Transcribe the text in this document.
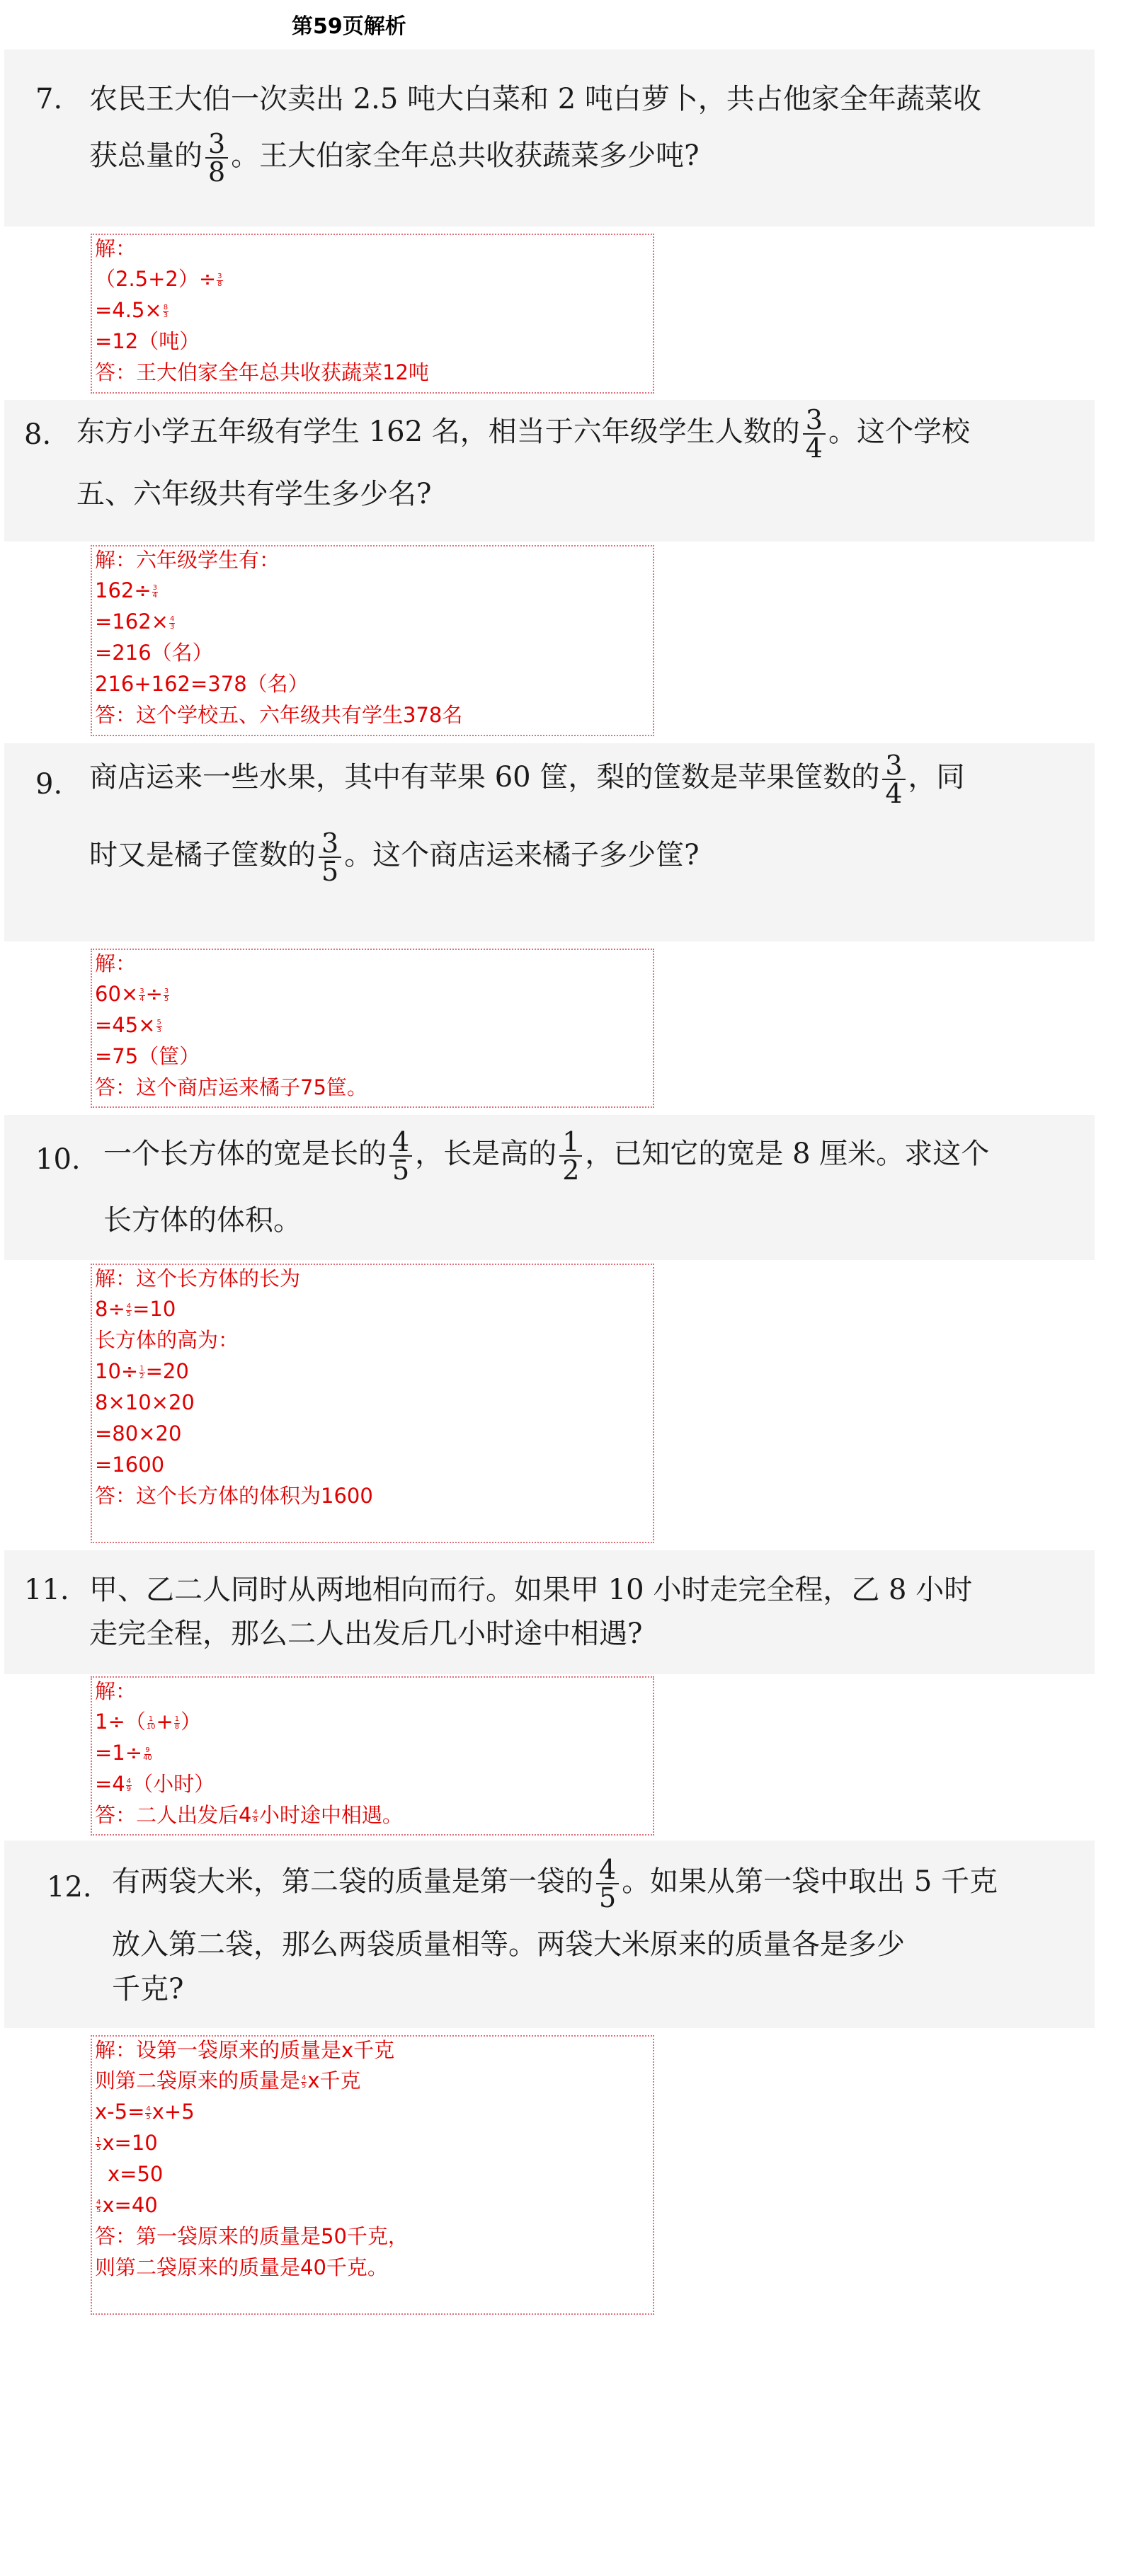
第59页解析
7. 农民王大伯一次卖出 2.5 吨大白菜和 2 吨白萝卜，共占他家全年蔬菜收
获总量的 $\frac{3}{8}$ 。王大伯家全年总共收获蔬菜多少吨?
解：
$(2.5+2)\div \frac{3}{8}$
$=4.5\times \frac{8}{3}$
=12（吨）
答：王大伯家全年总共收获蔬菜12吨
8. 东方小学五年级有学生 162 名，相当于六年级学生人数的 $\frac{3}{4}$ 。这个学校
五、六年级共有学生多少名?
解：六年级学生有：
$162\div \frac{3}{4}$
$=162\times \frac{4}{3}$
=216（名）
216+162=378（名）
答：这个学校五、六年级共有学生378名
9. 商店运来一些水果，其中有苹果 60 筐，梨的筐数是苹果筐数的 $\frac{3}{4}$ ，同
时又是橘子筐数的 $\frac{3}{5}$ 。这个商店运来橘子多少筐?
解：
$60\times \frac{3}{4} \div \frac{3}{5}$
$=45\times \frac{5}{3}$
=75（筐）
答：这个商店运来橘子75筐。
10. 一个长方体的宽是长的 $\frac{4}{5}$ ，长是高的 $\frac{1}{2}$ ，已知它的宽是 8 厘米。求这个
长方体的体积。
解：这个长方体的长为
$8\div \frac{4}{5} =10$
长方体的高为：
$10\div \frac{1}{2} =20$
8×10×20
=80×20
=1600
答：这个长方体的体积为1600
11. 甲、乙二人同时从两地相向而行。如果甲 10 小时走完全程，乙 8 小时
走完全程，那么二人出发后几小时途中相遇?
解：
$1\div( \frac{1}{10} + \frac{1}{8}$ ）
$=1\div \frac{9}{40}$
$=4 \frac{4}{9}$ （小时）
答：二人出发后$4 \frac{4}{9}$ 小时途中相遇。
12. 有两袋大米，第二袋的质量是第一袋的 $\frac{4}{5}$ 。如果从第一袋中取出 5 千克
放入第二袋，那么两袋质量相等。两袋大米原来的质量各是多少
千克?
解：设第一袋原来的质量是x千克
则第二袋原来的质量是 $\frac{4}{5}$ x千克
$x-5= \frac{4}{5} x+5$
$\frac{1}{5} x=10$
x=50
$\frac{4}{5} x=40$
答：第一袋原来的质量是50千克，
则第二袋原来的质量是40千克。
